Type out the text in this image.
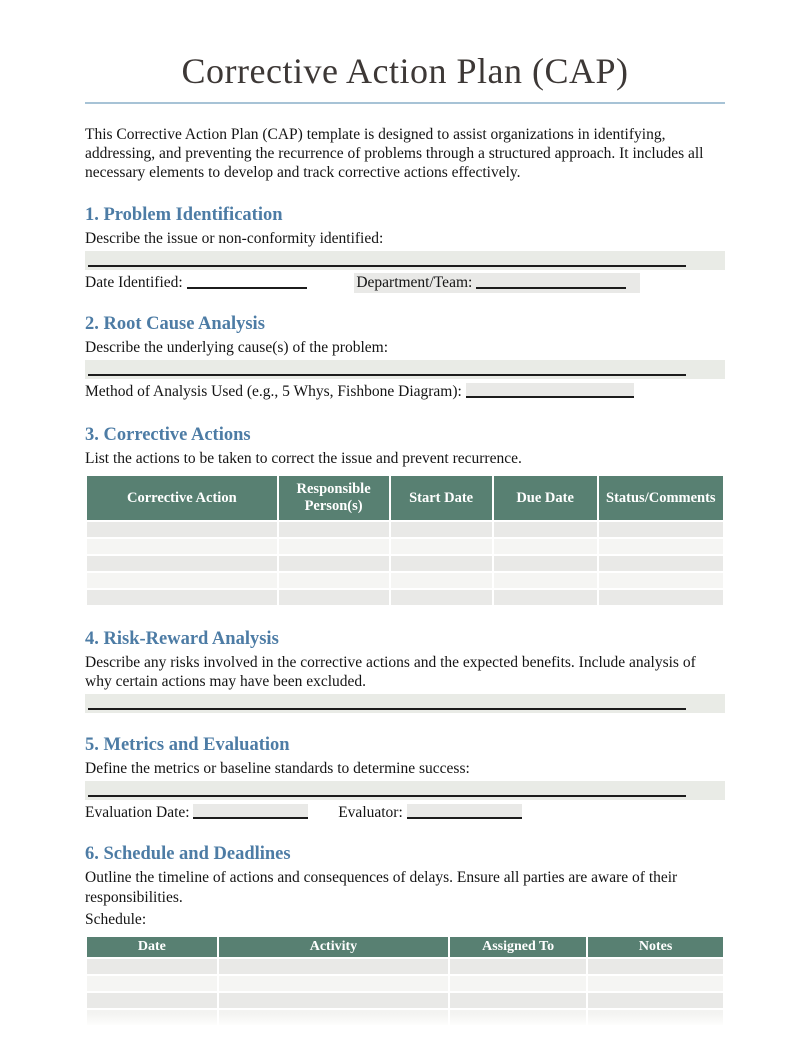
Corrective Action Plan (CAP)

This Corrective Action Plan (CAP) template is designed to assist organizations in identifying, addressing, and preventing the recurrence of problems through a structured approach. It includes all necessary elements to develop and track corrective actions effectively.

1. Problem Identification

Describe the issue or non-conformity identified:

Date Identified:	Department/Team:
2. Root Cause Analysis

Describe the underlying cause(s) of the problem:

Method of Analysis Used (e.g., 5 Whys, Fishbone Diagram):
3. Corrective Actions

List the actions to be taken to correct the issue and prevent recurrence.

Corrective Action	Responsible Person(s)	Start Date	Due Date	Status/Comments

4. Risk-Reward Analysis

Describe any risks involved in the corrective actions and the expected benefits. Include analysis of why certain actions may have been excluded.

5. Metrics and Evaluation

Define the metrics or baseline standards to determine success:

Evaluation Date:	Evaluator:
6. Schedule and Deadlines

Outline the timeline of actions and consequences of delays. Ensure all parties are aware of their responsibilities.

Schedule:

Date	Activity	Assigned To	Notes
